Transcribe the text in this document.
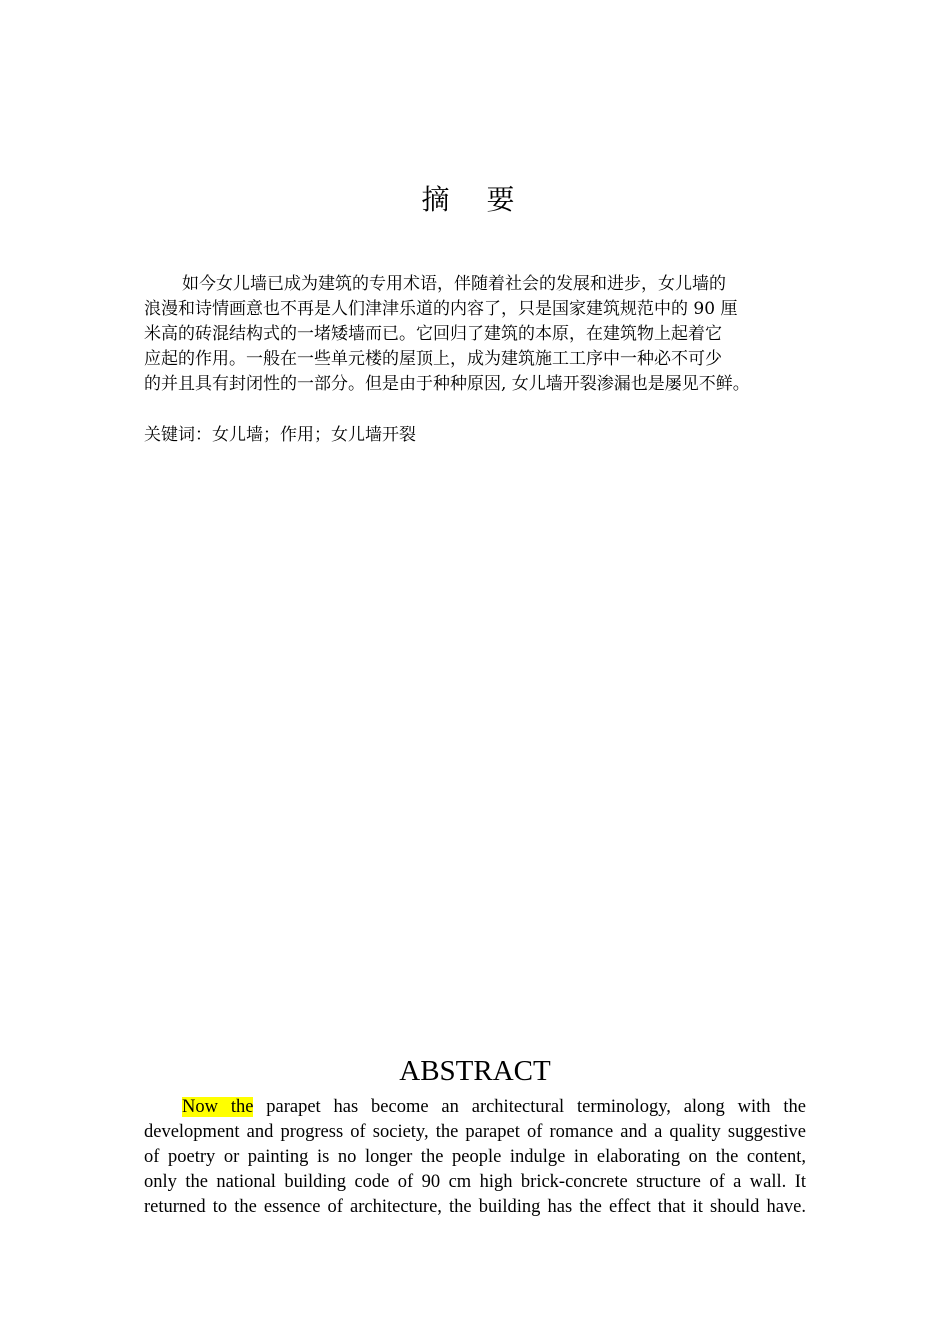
摘 要
如今女儿墙已成为建筑的专用术语，伴随着社会的发展和进步，女儿墙的
浪漫和诗情画意也不再是人们津津乐道的内容了，只是国家建筑规范中的 90 厘
米高的砖混结构式的一堵矮墙而已。它回归了建筑的本原，在建筑物上起着它
应起的作用。一般在一些单元楼的屋顶上，成为建筑施工工序中一种必不可少
的并且具有封闭性的一部分。但是由于种种原因, 女儿墙开裂渗漏也是屡见不鲜。
关键词：女儿墙；作用；女儿墙开裂
ABSTRACT
Now the parapet has become an architectural terminology, along with the
development and progress of society, the parapet of romance and a quality suggestive
of poetry or painting is no longer the people indulge in elaborating on the content,
only the national building code of 90 cm high brick-concrete structure of a wall. It
returned to the essence of architecture, the building has the effect that it should have.
